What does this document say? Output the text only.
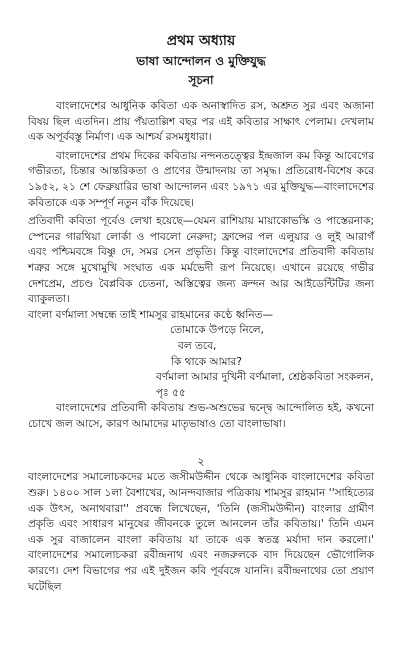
প্রথম অধ্যায়
ভাষা আন্দোলন ও মুক্তিযুদ্ধ
সূচনা

বাংলাদেশের আধুনিক কবিতা এক অনাস্বাদিত রস, অশ্রুত সুর এবং অজানা বিষয় ছিল এতদিন। প্রায় পঁয়তাল্লিশ বছর পর এই কবিতার সাক্ষাৎ পেলাম। দেখলাম এক অপূর্ববস্তু নির্মাণ। এক আশ্চর্য রসমধুধারা।

বাংলাদেশের প্রথম দিকের কবিতায় নন্দনতত্ত্বের ইন্দ্রজাল কম কিন্তু আবেগের গভীরতা, চিন্তার আন্তরিকতা ও প্রাণের উন্মাদনায় তা সমৃদ্ধ। প্রতিরোধ-বিশেষ করে ১৯৫২, ২১ শে ফেব্রুয়ারির ভাষা আন্দোলন এবং ১৯৭১ এর মুক্তিযুদ্ধ—বাংলাদেশের কবিতাকে এক সম্পূর্ণ নতুন বাঁক দিয়েছে।

প্রতিবাদী কবিতা পূর্বেও লেখা হয়েছে—যেমন রাশিয়ায় মায়াকোভস্কি ও পাস্তেরনাক; স্পেনের গারথিয়া লোর্কা ও পাবলো নেরুদা; ফ্রান্সের পল এলুয়ার ও লুই আরাগঁ এবং পশ্চিমবঙ্গে বিষ্ণু দে, সমর সেন প্রভৃতি। কিন্তু বাংলাদেশের প্রতিবাদী কবিতায় শত্রুর সঙ্গে মুখোমুখি সংঘাত এক মর্মভেদী রূপ নিয়েছে। এখানে রয়েছে গভীর দেশপ্রেম, প্রচণ্ড বৈপ্লবিক চেতনা, অস্তিত্বের জন্য ক্রন্দন আর আইডেন্টিটির জন্য ব্যাকুলতা।

বাংলা বর্ণমালা সম্বন্ধে তাই শামসুর রাহমানের কণ্ঠে ধ্বনিত—

তোমাকে উপড়ে নিলে,
বল তবে,
কি থাকে আমার?
বর্ণমালা আমার দুখিনী বর্ণমালা, শ্রেষ্ঠকবিতা সংকলন, পৃঃ ৫৫

বাংলাদেশের প্রতিবাদী কবিতায় শুভ-অশুভের দ্বন্দ্বে আন্দোলিত হই, কখনো চোখে জল আসে, কারণ আমাদের মাতৃভাষাও তো বাংলাভাষা।

২

বাংলাদেশের সমালোচকদের মতে জসীমউদ্দীন থেকে আধুনিক বাংলাদেশের কবিতা শুরু। ১৪০০ সাল ১লা বৈশাখের, আনন্দবাজার পত্রিকায় শামসুর রাহমান ''সাহিত্যের এক উৎস, অনাথবারা'' প্রবন্ধে লিখেছেন, 'তিনি (জসীমউদ্দীন) বাংলার গ্রামীণ প্রকৃতি এবং সাধারণ মানুষের জীবনকে তুলে আনলেন তাঁর কবিতায়।' তিনি এমন এক সুর বাজালেন বাংলা কবিতায় যা তাকে এক স্বতন্ত্র মর্যাদা দান করলো।' বাংলাদেশের সমালোচকরা রবীন্দ্রনাথ এবং নজরুলকে বাদ দিয়েছেন ভৌগোলিক কারণে। দেশ বিভাগের পর এই দুইজন কবি পূর্ববঙ্গে যাননি। রবীন্দ্রনাথের তো প্রয়াণ ঘটেছিল
